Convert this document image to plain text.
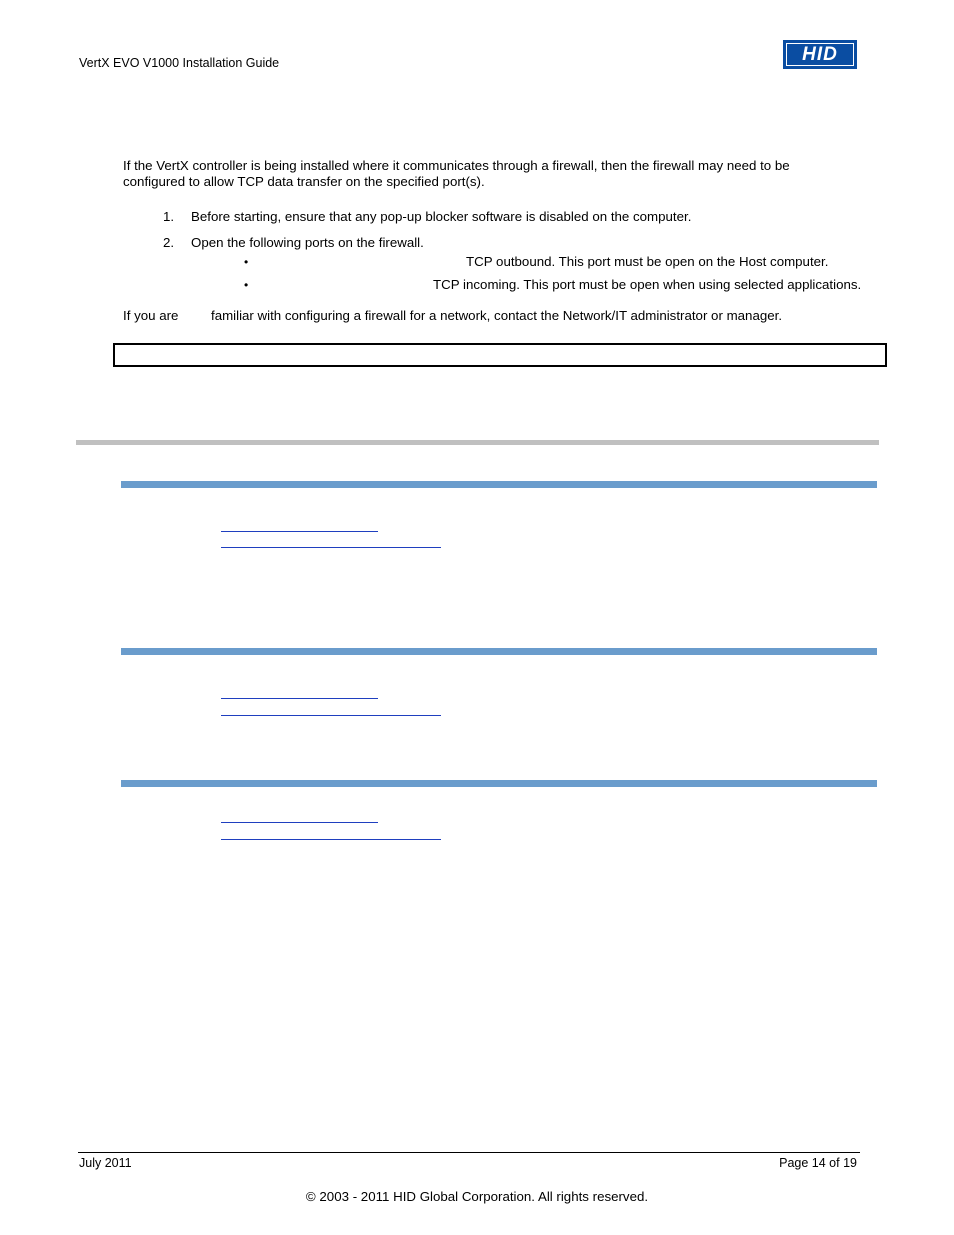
VertX EVO V1000 Installation Guide	HID
If the VertX controller is being installed where it communicates through a firewall, then the firewall may need to be configured to allow TCP data transfer on the specified port(s).
1. Before starting, ensure that any pop-up blocker software is disabled on the computer.
2. Open the following ports on the firewall.
•	TCP outbound. This port must be open on the Host computer.
•	TCP incoming. This port must be open when using selected applications.
If you are familiar with configuring a firewall for a network, contact the Network/IT administrator or manager.
July 2011	Page 14 of 19
© 2003 - 2011 HID Global Corporation. All rights reserved.
